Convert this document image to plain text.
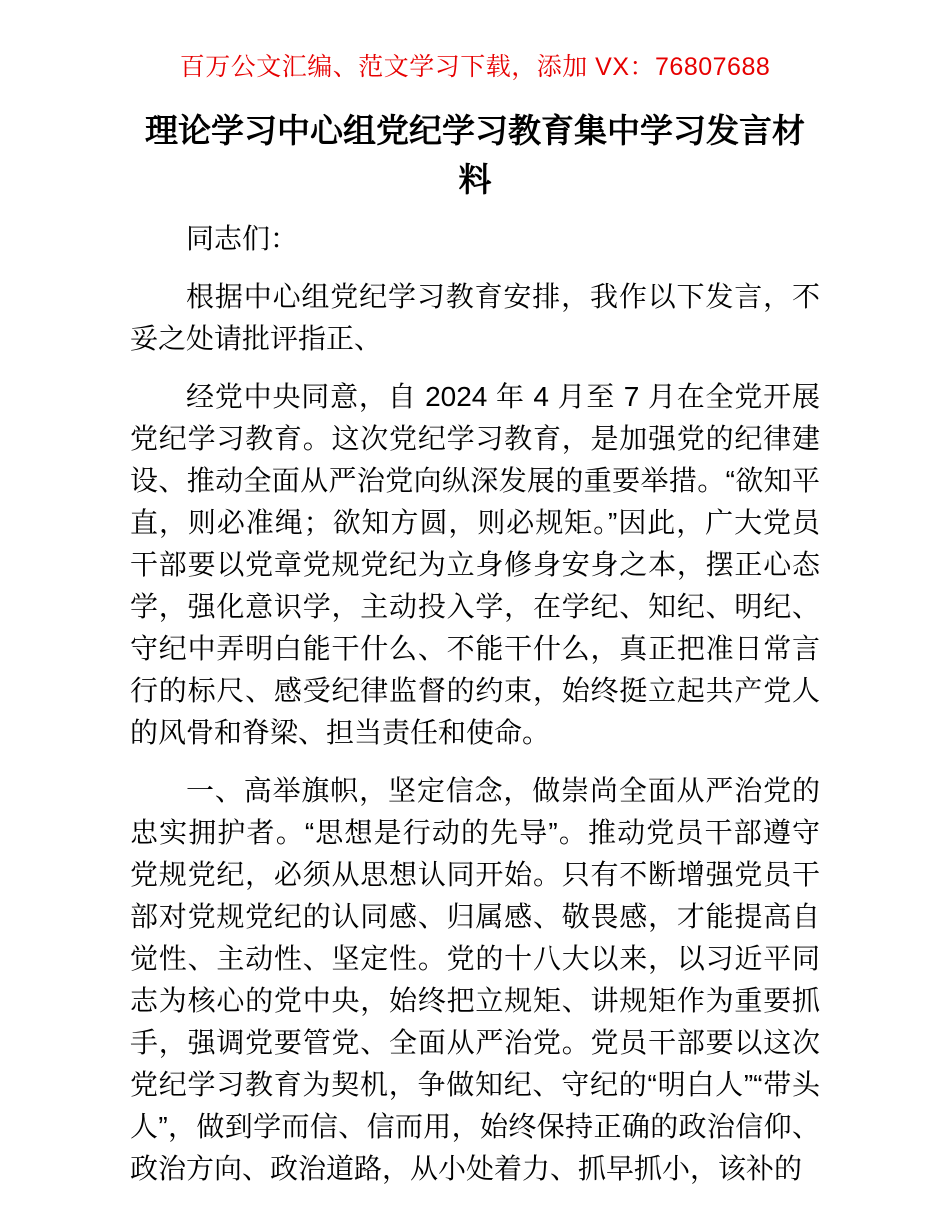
百万公文汇编、范文学习下载，添加 VX：76807688
理论学习中心组党纪学习教育集中学习发言材
料

同志们：

根据中心组党纪学习教育安排，我作以下发言，不妥之处请批评指正、

经党中央同意，自 2024 年 4 月至 7 月在全党开展党纪学习教育。这次党纪学习教育，是加强党的纪律建设、推动全面从严治党向纵深发展的重要举措。“欲知平直，则必准绳；欲知方圆，则必规矩。”因此，广大党员干部要以党章党规党纪为立身修身安身之本，摆正心态学，强化意识学，主动投入学，在学纪、知纪、明纪、守纪中弄明白能干什么、不能干什么，真正把准日常言行的标尺、感受纪律监督的约束，始终挺立起共产党人的风骨和脊梁、担当责任和使命。

一、高举旗帜，坚定信念，做崇尚全面从严治党的忠实拥护者。“思想是行动的先导”。推动党员干部遵守党规党纪，必须从思想认同开始。只有不断增强党员干部对党规党纪的认同感、归属感、敬畏感，才能提高自觉性、主动性、坚定性。党的十八大以来，以习近平同志为核心的党中央，始终把立规矩、讲规矩作为重要抓手，强调党要管党、全面从严治党。党员干部要以这次党纪学习教育为契机，争做知纪、守纪的“明白人”“带头人”，做到学而信、信而用，始终保持正确的政治信仰、政治方向、政治道路，从小处着力、抓早抓小，该补的
